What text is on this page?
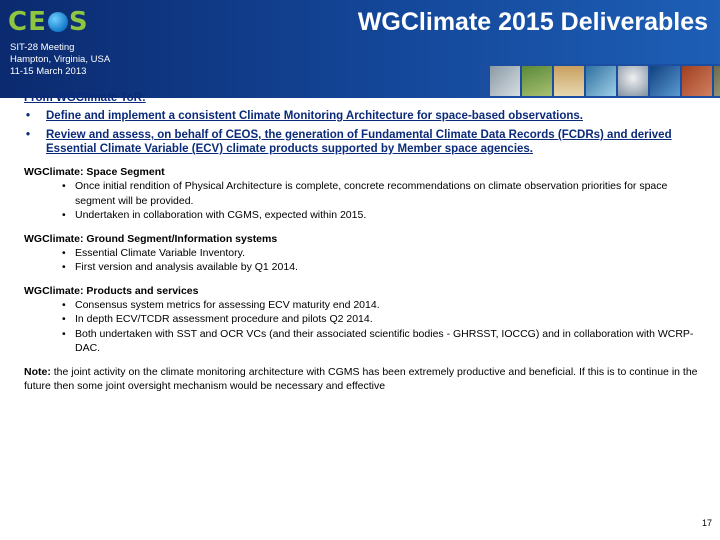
CE S
SIT-28 Meeting
Hampton, Virginia, USA
11-15 March 2013
WGClimate 2015 Deliverables
From WGClimate ToR:
• Define and implement a consistent Climate Monitoring Architecture for space-based observations.
• Review and assess, on behalf of CEOS, the generation of Fundamental Climate Data Records (FCDRs) and derived Essential Climate Variable (ECV) climate products supported by Member space agencies.
WGClimate: Space Segment
• Once initial rendition of Physical Architecture is complete, concrete recommendations on climate observation priorities for space segment will be provided.
• Undertaken in collaboration with CGMS, expected within 2015.
WGClimate: Ground Segment/Information systems
• Essential Climate Variable Inventory.
• First version and analysis available by Q1 2014.
WGClimate: Products and services
• Consensus system metrics for assessing ECV maturity end 2014.
• In depth ECV/TCDR assessment procedure and pilots Q2 2014.
• Both undertaken with SST and OCR VCs (and their associated scientific bodies - GHRSST, IOCCG) and in collaboration with WCRP-DAC.
Note: the joint activity on the climate monitoring architecture with CGMS has been extremely productive and beneficial. If this is to continue in the future then some joint oversight mechanism would be necessary and effective
17
